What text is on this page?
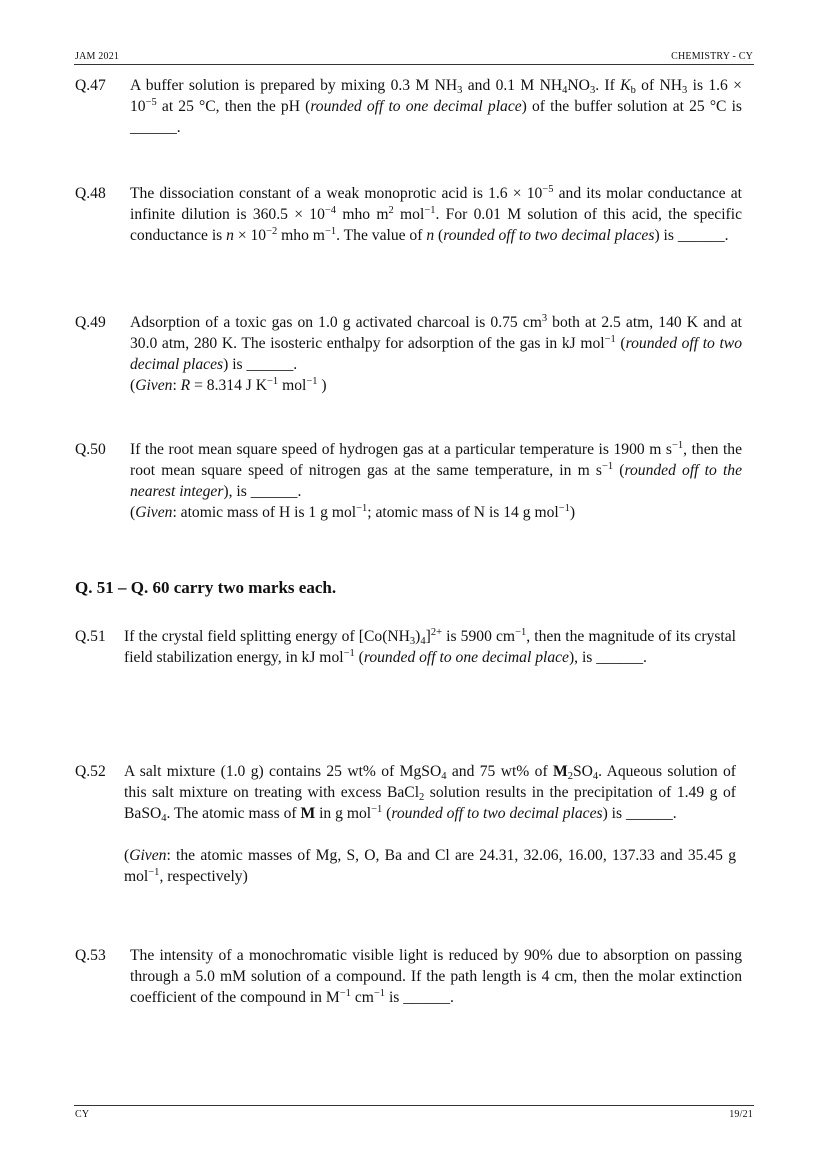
JAM 2021	CHEMISTRY - CY
Q.47 A buffer solution is prepared by mixing 0.3 M $NH_3$ and 0.1 M $NH_4NO_3$. If $K_b$ of $NH_3$ is $1.6 \times 10^{-5}$ at 25 °C, then the pH (rounded off to one decimal place) of the buffer solution at 25 °C is ______.
Q.48 The dissociation constant of a weak monoprotic acid is $1.6 \times 10^{-5}$ and its molar conductance at infinite dilution is $360.5 \times 10^{-4}$ mho $m^2$ mol$^{-1}$. For 0.01 M solution of this acid, the specific conductance is $n \times 10^{-2}$ mho $m^{-1}$. The value of n (rounded off to two decimal places) is ______.
Q.49 Adsorption of a toxic gas on 1.0 g activated charcoal is 0.75 $cm^3$ both at 2.5 atm, 140 K and at 30.0 atm, 280 K. The isosteric enthalpy for adsorption of the gas in kJ mol$^{-1}$ (rounded off to two decimal places) is ______.
(Given: R = 8.314 J $K^{-1}$ mol$^{-1}$ )
Q.50 If the root mean square speed of hydrogen gas at a particular temperature is 1900 m $s^{-1}$, then the root mean square speed of nitrogen gas at the same temperature, in m $s^{-1}$ (rounded off to the nearest integer), is ______.
(Given: atomic mass of H is 1 g mol$^{-1}$; atomic mass of N is 14 g mol$^{-1}$)
Q. 51 – Q. 60 carry two marks each.
Q.51 If the crystal field splitting energy of $[Co(NH_3)_4]^{2+}$ is 5900 $cm^{-1}$, then the magnitude of its crystal field stabilization energy, in kJ mol$^{-1}$ (rounded off to one decimal place), is ______.
Q.52 A salt mixture (1.0 g) contains 25 wt% of MgSO$_4$ and 75 wt% of $M_2SO_4$. Aqueous solution of this salt mixture on treating with excess BaCl$_2$ solution results in the precipitation of 1.49 g of BaSO$_4$. The atomic mass of M in g mol$^{-1}$ (rounded off to two decimal places) is ______.
(Given: the atomic masses of Mg, S, O, Ba and Cl are 24.31, 32.06, 16.00, 137.33 and 35.45 g mol$^{-1}$, respectively)
Q.53 The intensity of a monochromatic visible light is reduced by 90% due to absorption on passing through a 5.0 mM solution of a compound. If the path length is 4 cm, then the molar extinction coefficient of the compound in $M^{-1}$ $cm^{-1}$ is ______.
CY	19/21
